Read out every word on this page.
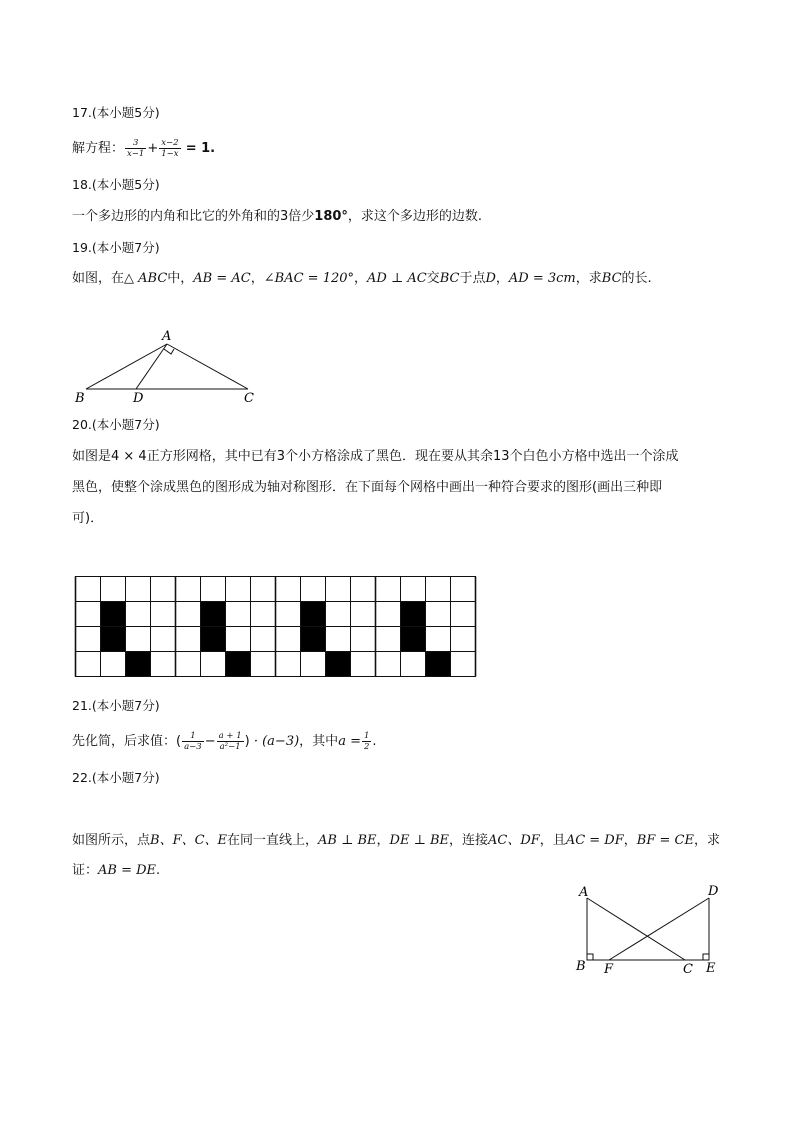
17.(本小题5分)
解方程： $\frac{3}{x-1} + \frac{x-2}{1-x} = 1$.
18.(本小题5分)
一个多边形的内角和比它的外角和的3倍少180°，求这个多边形的边数.
19.(本小题7分)
如图，在△ ABC中，AB = AC，∠BAC = 120°，AD ⊥ AC交BC于点D，AD = 3cm，求BC的长.
A
B	D	C
20.(本小题7分)
如图是4 × 4正方形网格，其中已有3个小方格涂成了黑色．现在要从其余13个白色小方格中选出一个涂成
黑色，使整个涂成黑色的图形成为轴对称图形．在下面每个网格中画出一种符合要求的图形(画出三种即
可)．
21.(本小题7分)
先化简，后求值：( $\frac{1}{a-3} - \frac{a + 1}{\text{a²−1}}$ ) · (a−3)，其中$a = \frac{1}{2}$ .
22.(本小题7分)
如图所示，点B、F、C、E在同一直线上，AB ⊥ BE，DE ⊥ BE，连接AC、DF，且AC = DF，BF = CE，求
证：AB = DE.
A	D
B F	C E
